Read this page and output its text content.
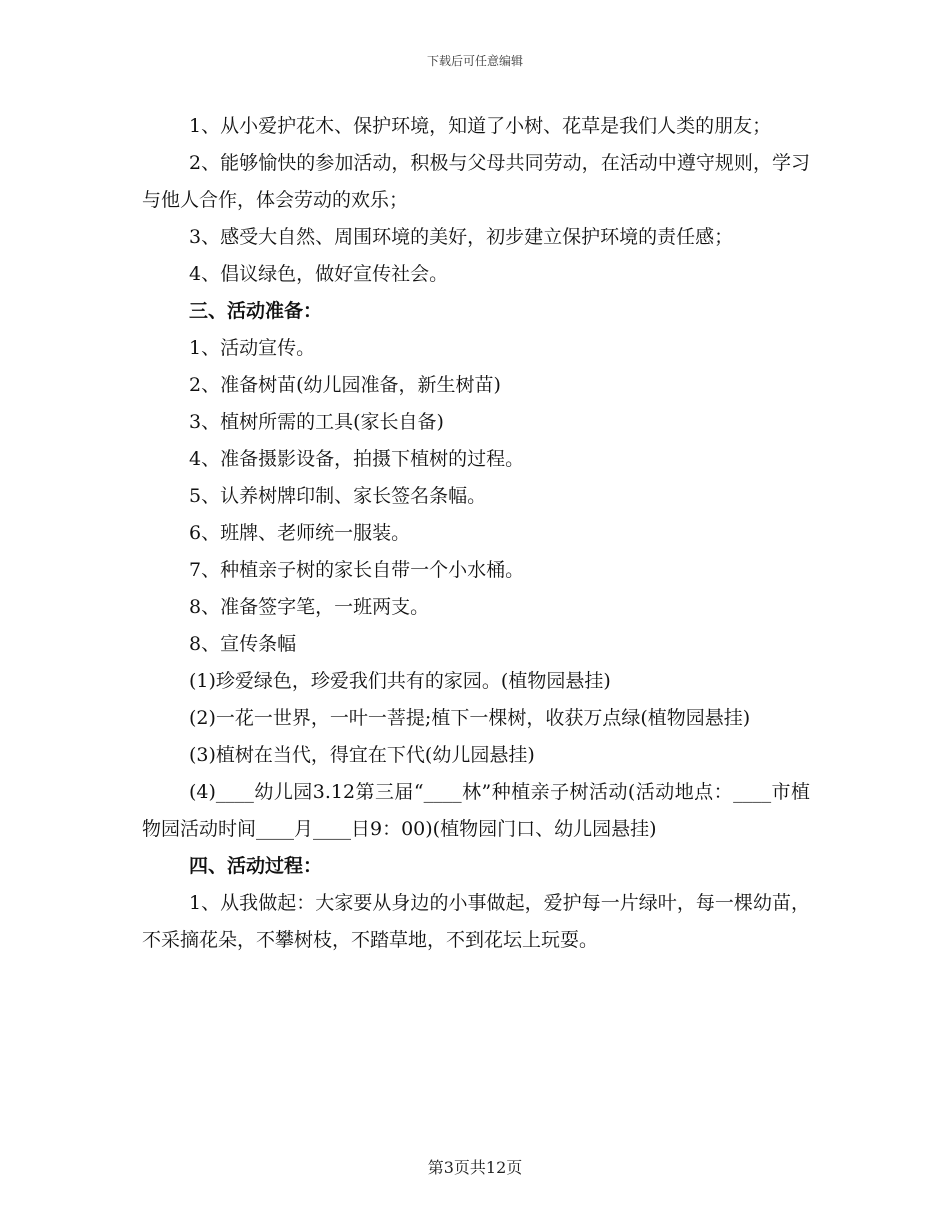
下载后可任意编辑

1、从小爱护花木、保护环境，知道了小树、花草是我们人类的朋友；

2、能够愉快的参加活动，积极与父母共同劳动，在活动中遵守规则，学习与他人合作，体会劳动的欢乐；

3、感受大自然、周围环境的美好，初步建立保护环境的责任感；

4、倡议绿色，做好宣传社会。

三、活动准备：

1、活动宣传。

2、准备树苗(幼儿园准备，新生树苗)

3、植树所需的工具(家长自备)

4、准备摄影设备，拍摄下植树的过程。

5、认养树牌印制、家长签名条幅。

6、班牌、老师统一服装。

7、种植亲子树的家长自带一个小水桶。

8、准备签字笔，一班两支。

8、宣传条幅

(1)珍爱绿色，珍爱我们共有的家园。(植物园悬挂)

(2)一花一世界，一叶一菩提;植下一棵树，收获万点绿(植物园悬挂)

(3)植树在当代，得宜在下代(幼儿园悬挂)

(4)____幼儿园3.12第三届“____林”种植亲子树活动(活动地点：____市植物园活动时间____月____日9：00)(植物园门口、幼儿园悬挂)

四、活动过程：

1、从我做起：大家要从身边的小事做起，爱护每一片绿叶，每一棵幼苗，不采摘花朵，不攀树枝，不踏草地，不到花坛上玩耍。

第3页共12页
